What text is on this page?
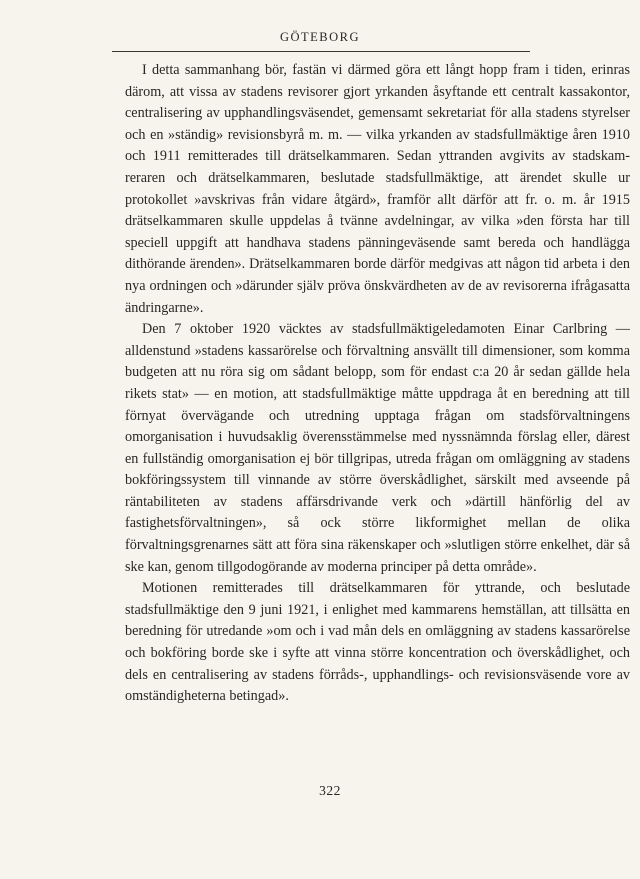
GÖTEBORG

I detta sammanhang bör, fastän vi därmed göra ett långt hopp fram i tiden, erinras därom, att vissa av stadens revisorer gjort yrkanden åsyftande ett centralt kassakontor, centralisering av upphandlingsväsendet, gemensamt sekretariat för alla stadens styrelser och en »ständig» revisionsbyrå m. m. — vilka yrkanden av stadsfullmäktige åren 1910 och 1911 remitterades till drätselkammaren. Sedan yttranden avgivits av stadskamreraren och drätselkammaren, beslutade stadsfullmäktige, att ärendet skulle ur protokollet »avskrivas från vidare åtgärd», framför allt därför att fr. o. m. år 1915 drätselkammaren skulle uppdelas å tvänne avdelningar, av vilka »den första har till speciell uppgift att handhava stadens pänningeväsende samt bereda och handlägga dithörande ärenden». Drätselkammaren borde därför medgivas att någon tid arbeta i den nya ordningen och »därunder själv pröva önskvärdheten av de av revisorerna ifrågasatta ändringarne».

Den 7 oktober 1920 väcktes av stadsfullmäktigeledamoten Einar Carlbring — alldenstund »stadens kassarörelse och förvaltning ansvällt till dimensioner, som komma budgeten att nu röra sig om sådant belopp, som för endast c:a 20 år sedan gällde hela rikets stat» — en motion, att stadsfullmäktige måtte uppdraga åt en beredning att till förnyat övervägande och utredning upptaga frågan om stadsförvaltningens omorganisation i huvudsaklig överensstämmelse med nyssnämnda förslag eller, därest en fullständig omorganisation ej bör tillgripas, utreda frågan om omläggning av stadens bokföringssystem till vinnande av större överskådlighet, särskilt med avseende på räntabiliteten av stadens affärsdrivande verk och »därtill hänförlig del av fastighetsförvaltningen», så ock större likformighet mellan de olika förvaltningsgrenarnes sätt att föra sina räkenskaper och »slutligen större enkelhet, där så ske kan, genom tillgodogörande av moderna principer på detta område».

Motionen remitterades till drätselkammaren för yttrande, och beslutade stadsfullmäktige den 9 juni 1921, i enlighet med kammarens hemställan, att tillsätta en beredning för utredande »om och i vad mån dels en omläggning av stadens kassarörelse och bokföring borde ske i syfte att vinna större koncentration och överskådlighet, och dels en centralisering av stadens förråds-, upphandlings- och revisionsväsende vore av omständigheterna betingad».

322
